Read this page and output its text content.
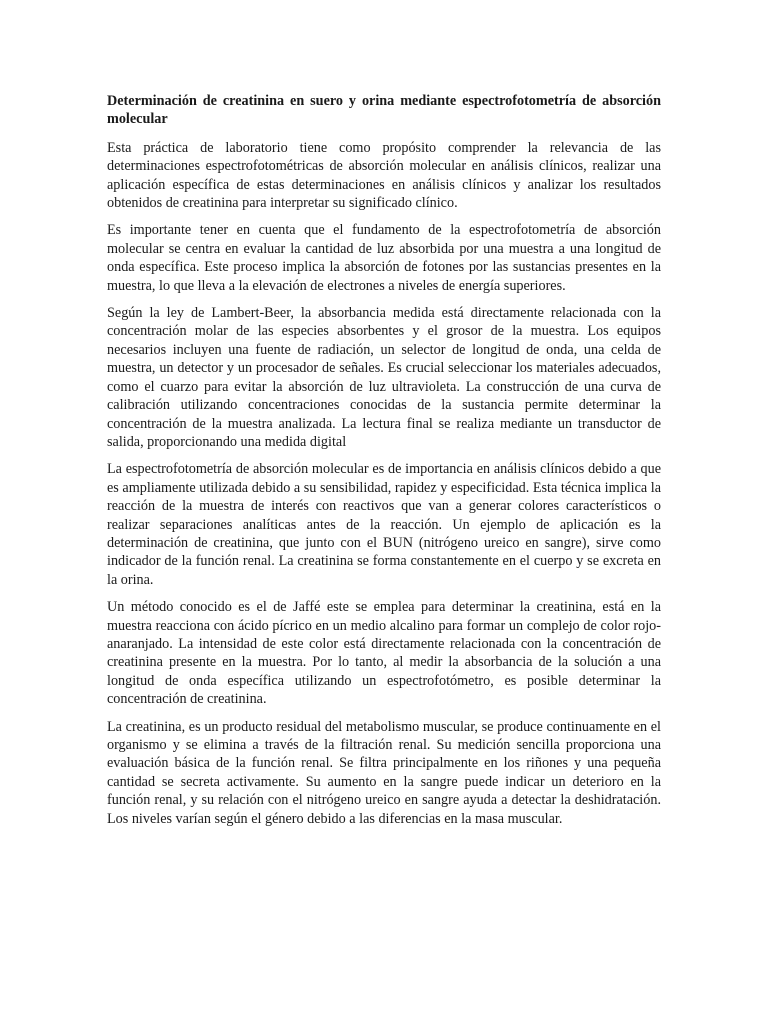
Determinación de creatinina en suero y orina mediante espectrofotometría de absorción molecular

Esta práctica de laboratorio tiene como propósito comprender la relevancia de las determinaciones espectrofotométricas de absorción molecular en análisis clínicos, realizar una aplicación específica de estas determinaciones en análisis clínicos y analizar los resultados obtenidos de creatinina para interpretar su significado clínico.

Es importante tener en cuenta que el fundamento de la espectrofotometría de absorción molecular se centra en evaluar la cantidad de luz absorbida por una muestra a una longitud de onda específica. Este proceso implica la absorción de fotones por las sustancias presentes en la muestra, lo que lleva a la elevación de electrones a niveles de energía superiores.

Según la ley de Lambert-Beer, la absorbancia medida está directamente relacionada con la concentración molar de las especies absorbentes y el grosor de la muestra. Los equipos necesarios incluyen una fuente de radiación, un selector de longitud de onda, una celda de muestra, un detector y un procesador de señales. Es crucial seleccionar los materiales adecuados, como el cuarzo para evitar la absorción de luz ultravioleta. La construcción de una curva de calibración utilizando concentraciones conocidas de la sustancia permite determinar la concentración de la muestra analizada. La lectura final se realiza mediante un transductor de salida, proporcionando una medida digital

La espectrofotometría de absorción molecular es de importancia en análisis clínicos debido a que es ampliamente utilizada debido a su sensibilidad, rapidez y especificidad. Esta técnica implica la reacción de la muestra de interés con reactivos que van a generar colores característicos o realizar separaciones analíticas antes de la reacción. Un ejemplo de aplicación es la determinación de creatinina, que junto con el BUN (nitrógeno ureico en sangre), sirve como indicador de la función renal. La creatinina se forma constantemente en el cuerpo y se excreta en la orina.

Un método conocido es el de Jaffé este se emplea para determinar la creatinina, está en la muestra reacciona con ácido pícrico en un medio alcalino para formar un complejo de color rojo-anaranjado. La intensidad de este color está directamente relacionada con la concentración de creatinina presente en la muestra. Por lo tanto, al medir la absorbancia de la solución a una longitud de onda específica utilizando un espectrofotómetro, es posible determinar la concentración de creatinina.

La creatinina, es un producto residual del metabolismo muscular, se produce continuamente en el organismo y se elimina a través de la filtración renal. Su medición sencilla proporciona una evaluación básica de la función renal. Se filtra principalmente en los riñones y una pequeña cantidad se secreta activamente. Su aumento en la sangre puede indicar un deterioro en la función renal, y su relación con el nitrógeno ureico en sangre ayuda a detectar la deshidratación. Los niveles varían según el género debido a las diferencias en la masa muscular.
